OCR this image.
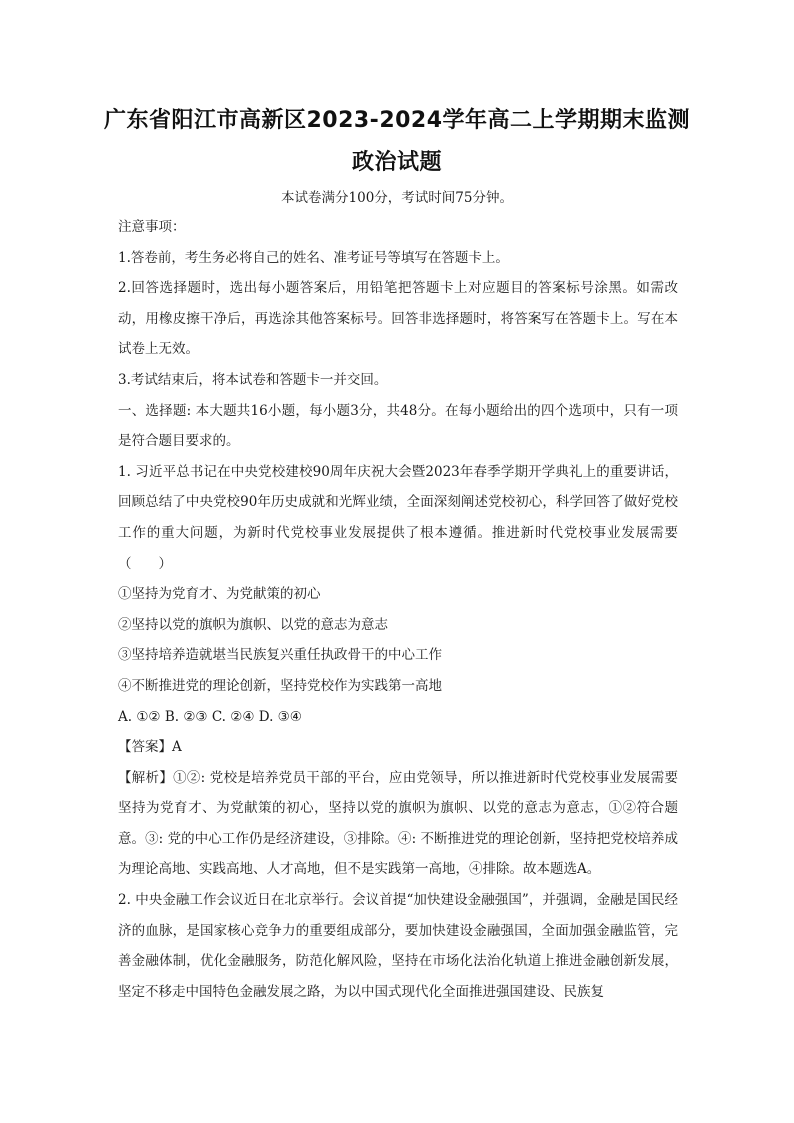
广东省阳江市高新区2023-2024学年高二上学期期末监测
政治试题
本试卷满分100分，考试时间75分钟。

注意事项：

1.答卷前，考生务必将自己的姓名、准考证号等填写在答题卡上。

2.回答选择题时，选出每小题答案后，用铅笔把答题卡上对应题目的答案标号涂黑。如需改动，用橡皮擦干净后，再选涂其他答案标号。回答非选择题时，将答案写在答题卡上。写在本试卷上无效。

3.考试结束后，将本试卷和答题卡一并交回。

一、选择题: 本大题共16小题，每小题3分，共48分。在每小题给出的四个选项中，只有一项是符合题目要求的。

1. 习近平总书记在中央党校建校90周年庆祝大会暨2023年春季学期开学典礼上的重要讲话，回顾总结了中央党校90年历史成就和光辉业绩，全面深刻阐述党校初心，科学回答了做好党校工作的重大问题，为新时代党校事业发展提供了根本遵循。推进新时代党校事业发展需要（　　）

①坚持为党育才、为党献策的初心

②坚持以党的旗帜为旗帜、以党的意志为意志

③坚持培养造就堪当民族复兴重任执政骨干的中心工作

④不断推进党的理论创新，坚持党校作为实践第一高地

A. ①② B. ②③ C. ②④ D. ③④

【答案】A

【解析】①②: 党校是培养党员干部的平台，应由党领导，所以推进新时代党校事业发展需要坚持为党育才、为党献策的初心，坚持以党的旗帜为旗帜、以党的意志为意志，①②符合题意。③: 党的中心工作仍是经济建设，③排除。④: 不断推进党的理论创新，坚持把党校培养成为理论高地、实践高地、人才高地，但不是实践第一高地，④排除。故本题选A。

2. 中央金融工作会议近日在北京举行。会议首提“加快建设金融强国”，并强调，金融是国民经济的血脉，是国家核心竞争力的重要组成部分，要加快建设金融强国，全面加强金融监管，完善金融体制，优化金融服务，防范化解风险，坚持在市场化法治化轨道上推进金融创新发展，坚定不移走中国特色金融发展之路，为以中国式现代化全面推进强国建设、民族复
